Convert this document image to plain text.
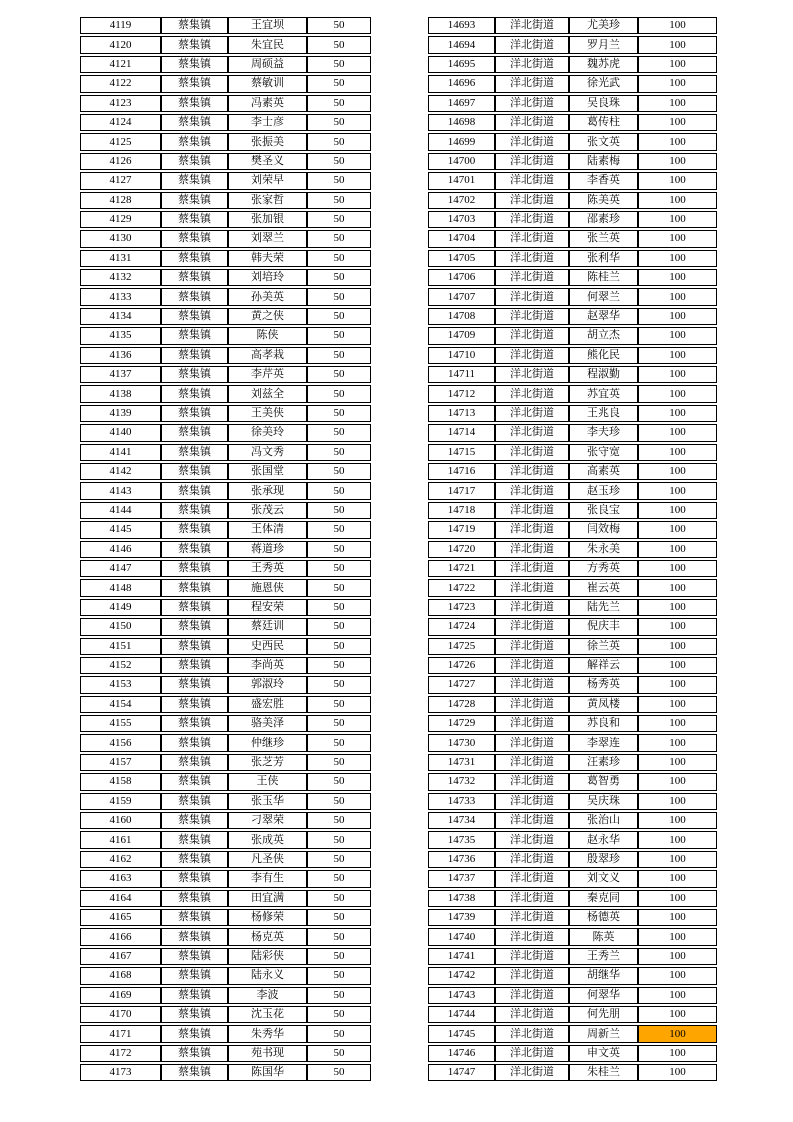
4119	蔡集镇	王宜坝	50
4120	蔡集镇	朱宜民	50
4121	蔡集镇	周硕益	50
4122	蔡集镇	蔡敏训	50
4123	蔡集镇	冯素英	50
4124	蔡集镇	李士彦	50
4125	蔡集镇	张振美	50
4126	蔡集镇	樊圣义	50
4127	蔡集镇	刘荣早	50
4128	蔡集镇	张家哲	50
4129	蔡集镇	张加银	50
4130	蔡集镇	刘翠兰	50
4131	蔡集镇	韩夫荣	50
4132	蔡集镇	刘培玲	50
4133	蔡集镇	孙美英	50
4134	蔡集镇	黄之侠	50
4135	蔡集镇	陈侠	50
4136	蔡集镇	高孝栽	50
4137	蔡集镇	李芹英	50
4138	蔡集镇	刘兹全	50
4139	蔡集镇	王美侠	50
4140	蔡集镇	徐美玲	50
4141	蔡集镇	冯文秀	50
4142	蔡集镇	张国堂	50
4143	蔡集镇	张承现	50
4144	蔡集镇	张茂云	50
4145	蔡集镇	王体清	50
4146	蔡集镇	蒋道珍	50
4147	蔡集镇	王秀英	50
4148	蔡集镇	施恩侠	50
4149	蔡集镇	程安荣	50
4150	蔡集镇	蔡廷训	50
4151	蔡集镇	史西民	50
4152	蔡集镇	李尚英	50
4153	蔡集镇	郭淑玲	50
4154	蔡集镇	盛宏胜	50
4155	蔡集镇	骆美泽	50
4156	蔡集镇	仲继珍	50
4157	蔡集镇	张芝芳	50
4158	蔡集镇	王侠	50
4159	蔡集镇	张玉华	50
4160	蔡集镇	刁翠荣	50
4161	蔡集镇	张成英	50
4162	蔡集镇	凡圣侠	50
4163	蔡集镇	李有生	50
4164	蔡集镇	田宜满	50
4165	蔡集镇	杨修荣	50
4166	蔡集镇	杨克英	50
4167	蔡集镇	陆彩侠	50
4168	蔡集镇	陆永义	50
4169	蔡集镇	李波	50
4170	蔡集镇	沈玉花	50
4171	蔡集镇	朱秀华	50
4172	蔡集镇	苑书现	50
4173	蔡集镇	陈国华	50
14693	洋北街道	尤美珍	100
14694	洋北街道	罗月兰	100
14695	洋北街道	魏苏虎	100
14696	洋北街道	徐光武	100
14697	洋北街道	吴良珠	100
14698	洋北街道	葛传柱	100
14699	洋北街道	张文英	100
14700	洋北街道	陆素梅	100
14701	洋北街道	李香英	100
14702	洋北街道	陈美英	100
14703	洋北街道	邵素珍	100
14704	洋北街道	张兰英	100
14705	洋北街道	张利华	100
14706	洋北街道	陈桂兰	100
14707	洋北街道	何翠兰	100
14708	洋北街道	赵翠华	100
14709	洋北街道	胡立杰	100
14710	洋北街道	熊化民	100
14711	洋北街道	程淑勤	100
14712	洋北街道	苏宜英	100
14713	洋北街道	王兆良	100
14714	洋北街道	李夫珍	100
14715	洋北街道	张守宽	100
14716	洋北街道	高素英	100
14717	洋北街道	赵玉珍	100
14718	洋北街道	张良宝	100
14719	洋北街道	闫效梅	100
14720	洋北街道	朱永美	100
14721	洋北街道	方秀英	100
14722	洋北街道	崔云英	100
14723	洋北街道	陆先兰	100
14724	洋北街道	倪庆丰	100
14725	洋北街道	徐兰英	100
14726	洋北街道	解祥云	100
14727	洋北街道	杨秀英	100
14728	洋北街道	黄凤楼	100
14729	洋北街道	苏良和	100
14730	洋北街道	李翠连	100
14731	洋北街道	汪素珍	100
14732	洋北街道	葛智勇	100
14733	洋北街道	吴庆珠	100
14734	洋北街道	张治山	100
14735	洋北街道	赵永华	100
14736	洋北街道	殷翠珍	100
14737	洋北街道	刘文义	100
14738	洋北街道	秦克同	100
14739	洋北街道	杨德英	100
14740	洋北街道	陈英	100
14741	洋北街道	王秀兰	100
14742	洋北街道	胡继华	100
14743	洋北街道	何翠华	100
14744	洋北街道	何先朋	100
14745	洋北街道	周新兰	100
14746	洋北街道	申文英	100
14747	洋北街道	朱桂兰	100
